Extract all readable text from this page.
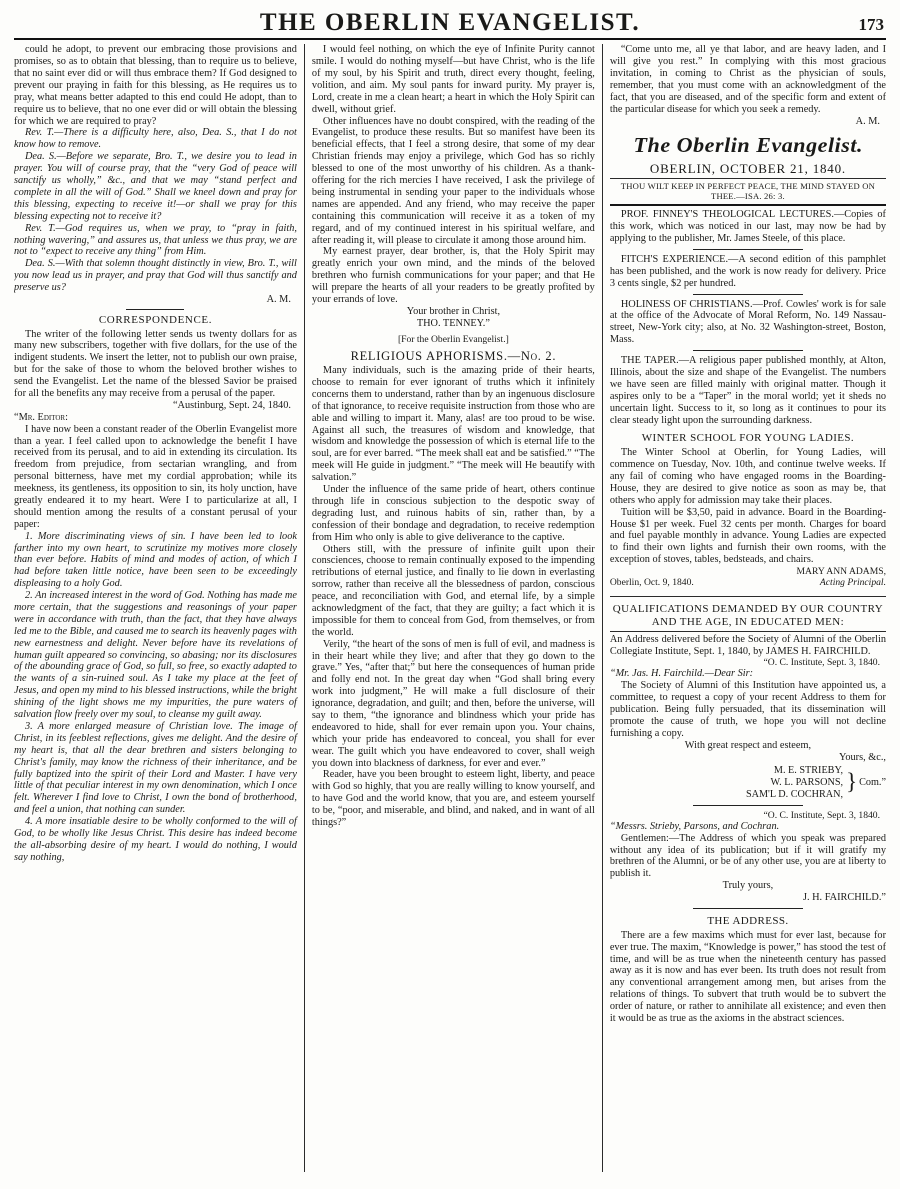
THE OBERLIN EVANGELIST.	173

could he adopt, to prevent our embracing those provisions and promises, so as to obtain that blessing, than to require us to believe, that no saint ever did or will thus embrace them? If God designed to prevent our praying in faith for this blessing, as He requires us to pray, what means better adapted to this end could He adopt, than to require us to believe, that no one ever did or will obtain the blessing for which we are required to pray?

Rev. T.—There is a difficulty here, also, Dea. S., that I do not know how to remove.

Dea. S.—Before we separate, Bro. T., we desire you to lead in prayer. You will of course pray, that the “very God of peace will sanctify us wholly,” &c., and that we may “stand perfect and complete in all the will of God.” Shall we kneel down and pray for this blessing, expecting to receive it!—or shall we pray for this blessing expecting not to receive it?

Rev. T.—God requires us, when we pray, to “pray in faith, nothing wavering,” and assures us, that unless we thus pray, we are not to “expect to receive any thing” from Him.

Dea. S.—With that solemn thought distinctly in view, Bro. T., will you now lead us in prayer, and pray that God will thus sanctify and preserve us?

A. M.

CORRESPONDENCE.

The writer of the following letter sends us twenty dollars for as many new subscribers, together with five dollars, for the use of the indigent students. We insert the letter, not to publish our own praise, but for the sake of those to whom the beloved brother wishes to send the Evangelist. Let the name of the blessed Savior be praised for all the benefits any may receive from a perusal of the paper.

“Austinburg, Sept. 24, 1840.

“Mr. Editor:

I have now been a constant reader of the Oberlin Evangelist more than a year. I feel called upon to acknowledge the benefit I have received from its perusal, and to aid in extending its circulation. Its freedom from prejudice, from sectarian wrangling, and from personal bitterness, have met my cordial approbation; while its meekness, its gentleness, its opposition to sin, its holy unction, have greatly endeared it to my heart. Were I to particularize at all, I should mention among the results of a constant perusal of your paper:

1. More discriminating views of sin. I have been led to look farther into my own heart, to scrutinize my motives more closely than ever before. Habits of mind and modes of action, of which I had before taken little notice, have been seen to be exceedingly displeasing to a holy God.

2. An increased interest in the word of God. Nothing has made me more certain, that the suggestions and reasonings of your paper were in accordance with truth, than the fact, that they have always led me to the Bible, and caused me to search its heavenly pages with new earnestness and delight. Never before have its revelations of human guilt appeared so convincing, so abasing; nor its disclosures of the abounding grace of God, so full, so free, so exactly adapted to the wants of a sin-ruined soul. As I take my place at the feet of Jesus, and open my mind to his blessed instructions, while the bright shining of the light shows me my impurities, the pure waters of salvation flow freely over my soul, to cleanse my guilt away.

3. A more enlarged measure of Christian love. The image of Christ, in its feeblest reflections, gives me delight. And the desire of my heart is, that all the dear brethren and sisters belonging to Christ's family, may know the richness of their inheritance, and be fully baptized into the spirit of their Lord and Master. I have very little of that peculiar interest in my own denomination, which I once felt. Wherever I find love to Christ, I own the bond of brotherhood, and feel a union, that nothing can sunder.

4. A more insatiable desire to be wholly conformed to the will of God, to be wholly like Jesus Christ. This desire has indeed become the all-absorbing desire of my heart. I would do nothing, I would say nothing,

I would feel nothing, on which the eye of Infinite Purity cannot smile. I would do nothing myself—but have Christ, who is the life of my soul, by his Spirit and truth, direct every thought, feeling, volition, and aim. My soul pants for inward purity. My prayer is, Lord, create in me a clean heart; a heart in which the Holy Spirit can dwell, without grief.

Other influences have no doubt conspired, with the reading of the Evangelist, to produce these results. But so manifest have been its beneficial effects, that I feel a strong desire, that some of my dear Christian friends may enjoy a privilege, which God has so richly blessed to one of the most unworthy of his children. As a thank-offering for the rich mercies I have received, I ask the privilege of being instrumental in sending your paper to the individuals whose names are appended. And any friend, who may receive the paper containing this communication will receive it as a token of my regard, and of my continued interest in his spiritual welfare, and after reading it, will please to circulate it among those around him.

My earnest prayer, dear brother, is, that the Holy Spirit may greatly enrich your own mind, and the minds of the beloved brethren who furnish communications for your paper; and that He will prepare the hearts of all your readers to be greatly profited by your errands of love.

Your brother in Christ,

THO. TENNEY.”

[For the Oberlin Evangelist.]

RELIGIOUS APHORISMS.—No. 2.

Many individuals, such is the amazing pride of their hearts, choose to remain for ever ignorant of truths which it infinitely concerns them to understand, rather than by an ingenuous disclosure of that ignorance, to receive requisite instruction from those who are able and willing to impart it. Many, alas! are too proud to be wise. Against all such, the treasures of wisdom and knowledge, that wisdom and knowledge the possession of which is eternal life to the soul, are for ever barred. “The meek shall eat and be satisfied.” “The meek will He guide in judgment.” “The meek will He beautify with salvation.”

Under the influence of the same pride of heart, others continue through life in conscious subjection to the despotic sway of degrading lust, and ruinous habits of sin, rather than, by a confession of their bondage and degradation, to receive redemption from Him who only is able to give deliverance to the captive.

Others still, with the pressure of infinite guilt upon their consciences, choose to remain continually exposed to the impending retributions of eternal justice, and finally to lie down in everlasting sorrow, rather than receive all the blessedness of pardon, conscious peace, and reconciliation with God, and eternal life, by a simple acknowledgment of the fact, that they are guilty; a fact which it is impossible for them to conceal from God, from themselves, or from the world.

Verily, “the heart of the sons of men is full of evil, and madness is in their heart while they live; and after that they go down to the grave.” Yes, “after that;” but here the consequences of human pride and folly end not. In the great day when “God shall bring every work into judgment,” He will make a full disclosure of their ignorance, degradation, and guilt; and then, before the universe, will say to them, “the ignorance and blindness which your pride has endeavored to hide, shall for ever remain upon you. Your chains, which your pride has endeavored to conceal, you shall for ever wear. The guilt which you have endeavored to cover, shall weigh you down into blackness of darkness, for ever and ever.”

Reader, have you been brought to esteem light, liberty, and peace with God so highly, that you are really willing to know yourself, and to have God and the world know, that you are, and esteem yourself to be, “poor, and miserable, and blind, and naked, and in want of all things?”

“Come unto me, all ye that labor, and are heavy laden, and I will give you rest.” In complying with this most gracious invitation, in coming to Christ as the physician of souls, remember, that you must come with an acknowledgment of the fact, that you are diseased, and of the specific form and extent of the particular disease for which you seek a remedy.

A. M.

The Oberlin Evangelist.
OBERLIN, OCTOBER 21, 1840.
THOU WILT KEEP IN PERFECT PEACE, THE MIND STAYED ON THEE.—ISA. 26: 3.

PROF. FINNEY'S THEOLOGICAL LECTURES.—Copies of this work, which was noticed in our last, may now be had by applying to the publisher, Mr. James Steele, of this place.

FITCH'S EXPERIENCE.—A second edition of this pamphlet has been published, and the work is now ready for delivery. Price 3 cents single, $2 per hundred.

HOLINESS OF CHRISTIANS.—Prof. Cowles' work is for sale at the office of the Advocate of Moral Reform, No. 149 Nassau-street, New-York city; also, at No. 32 Washington-street, Boston, Mass.

THE TAPER.—A religious paper published monthly, at Alton, Illinois, about the size and shape of the Evangelist. The numbers we have seen are filled mainly with original matter. Though it aspires only to be a “Taper” in the moral world; yet it sheds no uncertain light. Success to it, so long as it continues to pour its clear steady light upon the surrounding darkness.

WINTER SCHOOL FOR YOUNG LADIES.

The Winter School at Oberlin, for Young Ladies, will commence on Tuesday, Nov. 10th, and continue twelve weeks. If any fail of coming who have engaged rooms in the Boarding-House, they are desired to give notice as soon as may be, that others who apply for admission may take their places.

Tuition will be $3,50, paid in advance. Board in the Boarding-House $1 per week. Fuel 32 cents per month. Charges for board and fuel payable monthly in advance. Young Ladies are expected to find their own lights and furnish their own rooms, with the exception of stoves, tables, bedsteads, and chairs.

MARY ANN ADAMS,

Oberlin, Oct. 9, 1840.	Acting Principal.

QUALIFICATIONS DEMANDED BY OUR COUNTRY AND THE AGE, IN EDUCATED MEN:

An Address delivered before the Society of Alumni of the Oberlin Collegiate Institute, Sept. 1, 1840, by JAMES H. FAIRCHILD.

“O. C. Institute, Sept. 3, 1840.

“Mr. Jas. H. Fairchild.—Dear Sir:

The Society of Alumni of this Institution have appointed us, a committee, to request a copy of your recent Address to them for publication. Being fully persuaded, that its dissemination will promote the cause of truth, we hope you will not decline furnishing a copy.

With great respect and esteem,

Yours, &c.,

M. E. STRIEBY,
W. L. PARSONS,
SAM'L D. COCHRAN, } Com.”

“O. C. Institute, Sept. 3, 1840.

“Messrs. Strieby, Parsons, and Cochran.

Gentlemen:—The Address of which you speak was prepared without any idea of its publication; but if it will gratify my brethren of the Alumni, or be of any other use, you are at liberty to publish it.

Truly yours,

J. H. FAIRCHILD.”

THE ADDRESS.

There are a few maxims which must for ever last, because for ever true. The maxim, “Knowledge is power,” has stood the test of time, and will be as true when the nineteenth century has passed away as it is now and has ever been. Its truth does not result from any conventional arrangement among men, but arises from the relations of things. To subvert that truth would be to subvert the order of nature, or rather to annihilate all existence; and even then it would be as true as the axioms in the abstract sciences.
